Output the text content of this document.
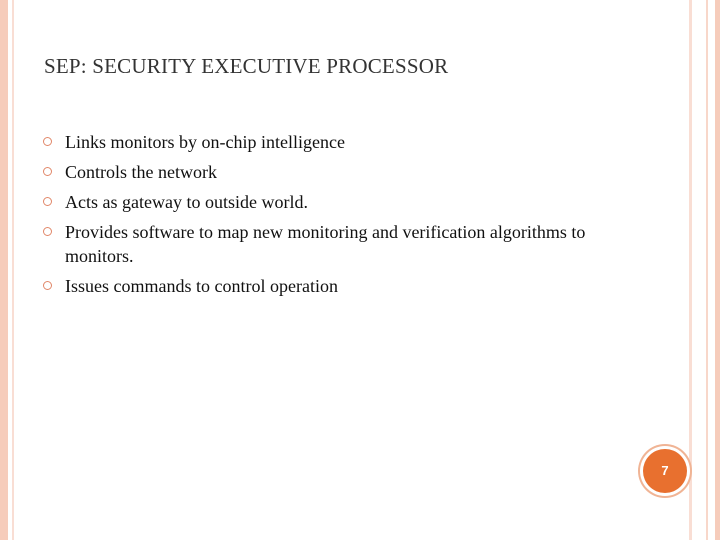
SEP: SECURITY EXECUTIVE PROCESSOR
Links monitors by on-chip intelligence
Controls the network
Acts as gateway to outside world.
Provides software to map new monitoring and verification algorithms to monitors.
Issues commands to control operation
7
